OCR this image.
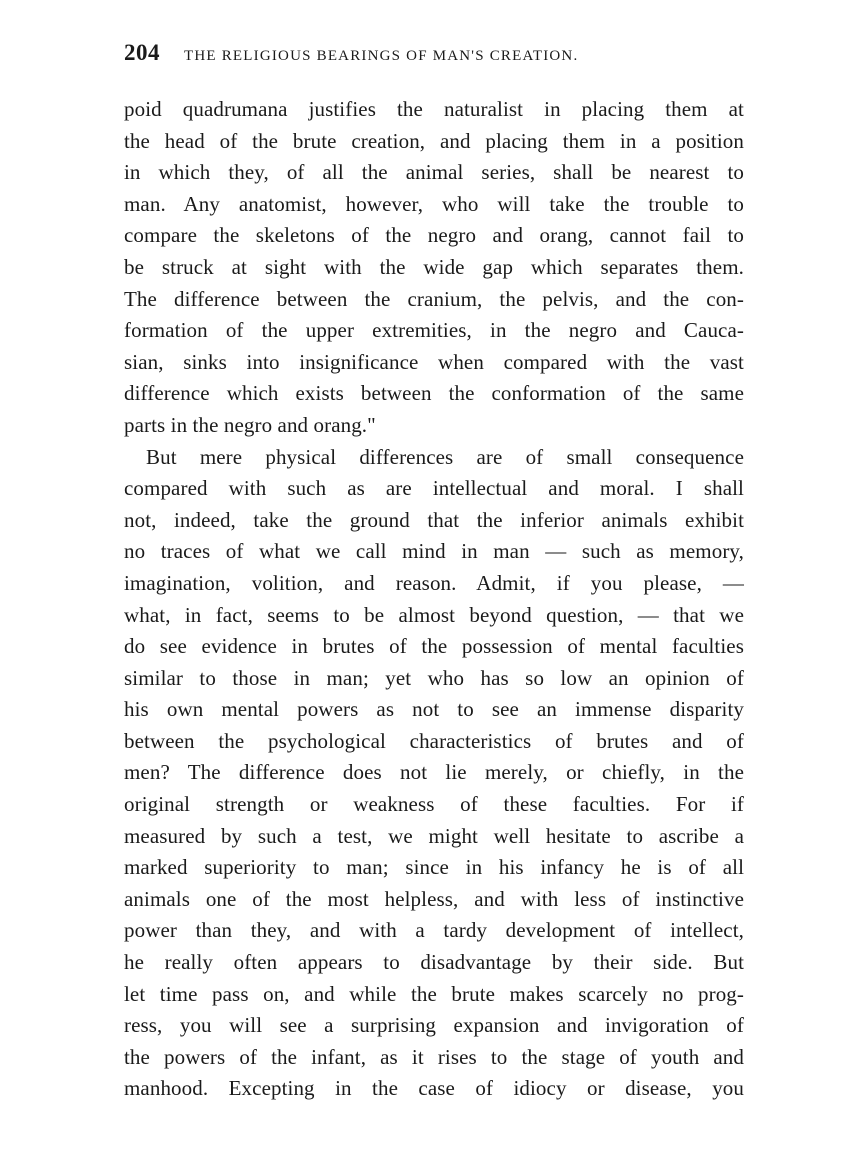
204 THE RELIGIOUS BEARINGS OF MAN'S CREATION.
poid quadrumana justifies the naturalist in placing them at
the head of the brute creation, and placing them in a position
in which they, of all the animal series, shall be nearest to
man. Any anatomist, however, who will take the trouble to
compare the skeletons of the negro and orang, cannot fail to
be struck at sight with the wide gap which separates them.
The difference between the cranium, the pelvis, and the con-
formation of the upper extremities, in the negro and Cauca-
sian, sinks into insignificance when compared with the vast
difference which exists between the conformation of the same
parts in the negro and orang."
But mere physical differences are of small consequence
compared with such as are intellectual and moral. I shall
not, indeed, take the ground that the inferior animals exhibit
no traces of what we call mind in man — such as memory,
imagination, volition, and reason. Admit, if you please, —
what, in fact, seems to be almost beyond question, — that we
do see evidence in brutes of the possession of mental faculties
similar to those in man; yet who has so low an opinion of
his own mental powers as not to see an immense disparity
between the psychological characteristics of brutes and of
men? The difference does not lie merely, or chiefly, in the
original strength or weakness of these faculties. For if
measured by such a test, we might well hesitate to ascribe a
marked superiority to man; since in his infancy he is of all
animals one of the most helpless, and with less of instinctive
power than they, and with a tardy development of intellect,
he really often appears to disadvantage by their side. But
let time pass on, and while the brute makes scarcely no prog-
ress, you will see a surprising expansion and invigoration of
the powers of the infant, as it rises to the stage of youth and
manhood. Excepting in the case of idiocy or disease, you
